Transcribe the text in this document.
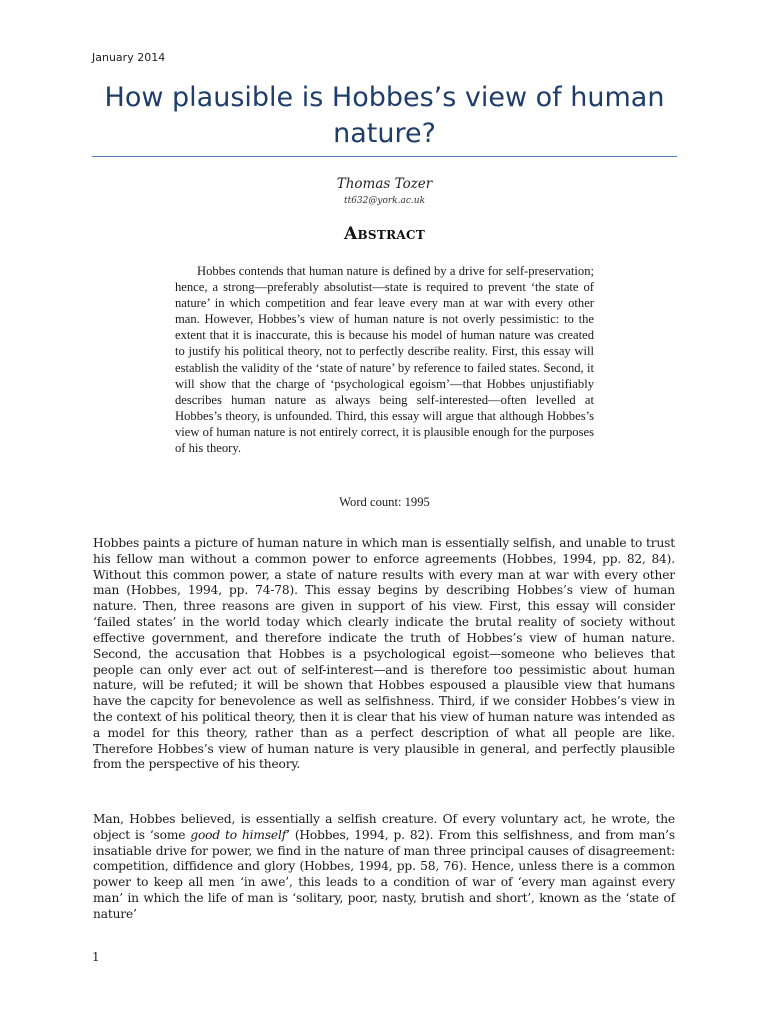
January 2014
How plausible is Hobbes’s view of human nature?
Thomas Tozer
tt632@york.ac.uk
Abstract

Hobbes contends that human nature is defined by a drive for self-preservation; hence, a strong—preferably absolutist—state is required to prevent ‘the state of nature’ in which competition and fear leave every man at war with every other man. However, Hobbes’s view of human nature is not overly pessimistic: to the extent that it is inaccurate, this is because his model of human nature was created to justify his political theory, not to perfectly describe reality. First, this essay will establish the validity of the ‘state of nature’ by reference to failed states. Second, it will show that the charge of ‘psychological egoism’—that Hobbes unjustifiably describes human nature as always being self-interested—often levelled at Hobbes’s theory, is unfounded. Third, this essay will argue that although Hobbes’s view of human nature is not entirely correct, it is plausible enough for the purposes of his theory.

Word count: 1995

Hobbes paints a picture of human nature in which man is essentially selfish, and unable to trust his fellow man without a common power to enforce agreements (Hobbes, 1994, pp. 82, 84). Without this common power, a state of nature results with every man at war with every other man (Hobbes, 1994, pp. 74-78). This essay begins by describing Hobbes’s view of human nature. Then, three reasons are given in support of his view. First, this essay will consider ‘failed states’ in the world today which clearly indicate the brutal reality of society without effective government, and therefore indicate the truth of Hobbes’s view of human nature. Second, the accusation that Hobbes is a psychological egoist—someone who believes that people can only ever act out of self-interest—and is therefore too pessimistic about human nature, will be refuted; it will be shown that Hobbes espoused a plausible view that humans have the capcity for benevolence as well as selfishness. Third, if we consider Hobbes’s view in the context of his political theory, then it is clear that his view of human nature was intended as a model for this theory, rather than as a perfect description of what all people are like. Therefore Hobbes’s view of human nature is very plausible in general, and perfectly plausible from the perspective of his theory.

Man, Hobbes believed, is essentially a selfish creature. Of every voluntary act, he wrote, the object is ‘some good to himself’ (Hobbes, 1994, p. 82). From this selfishness, and from man’s insatiable drive for power, we find in the nature of man three principal causes of disagreement: competition, diffidence and glory (Hobbes, 1994, pp. 58, 76). Hence, unless there is a common power to keep all men ‘in awe’, this leads to a condition of war of ‘every man against every man’ in which the life of man is ‘solitary, poor, nasty, brutish and short’, known as the ‘state of nature’

1
